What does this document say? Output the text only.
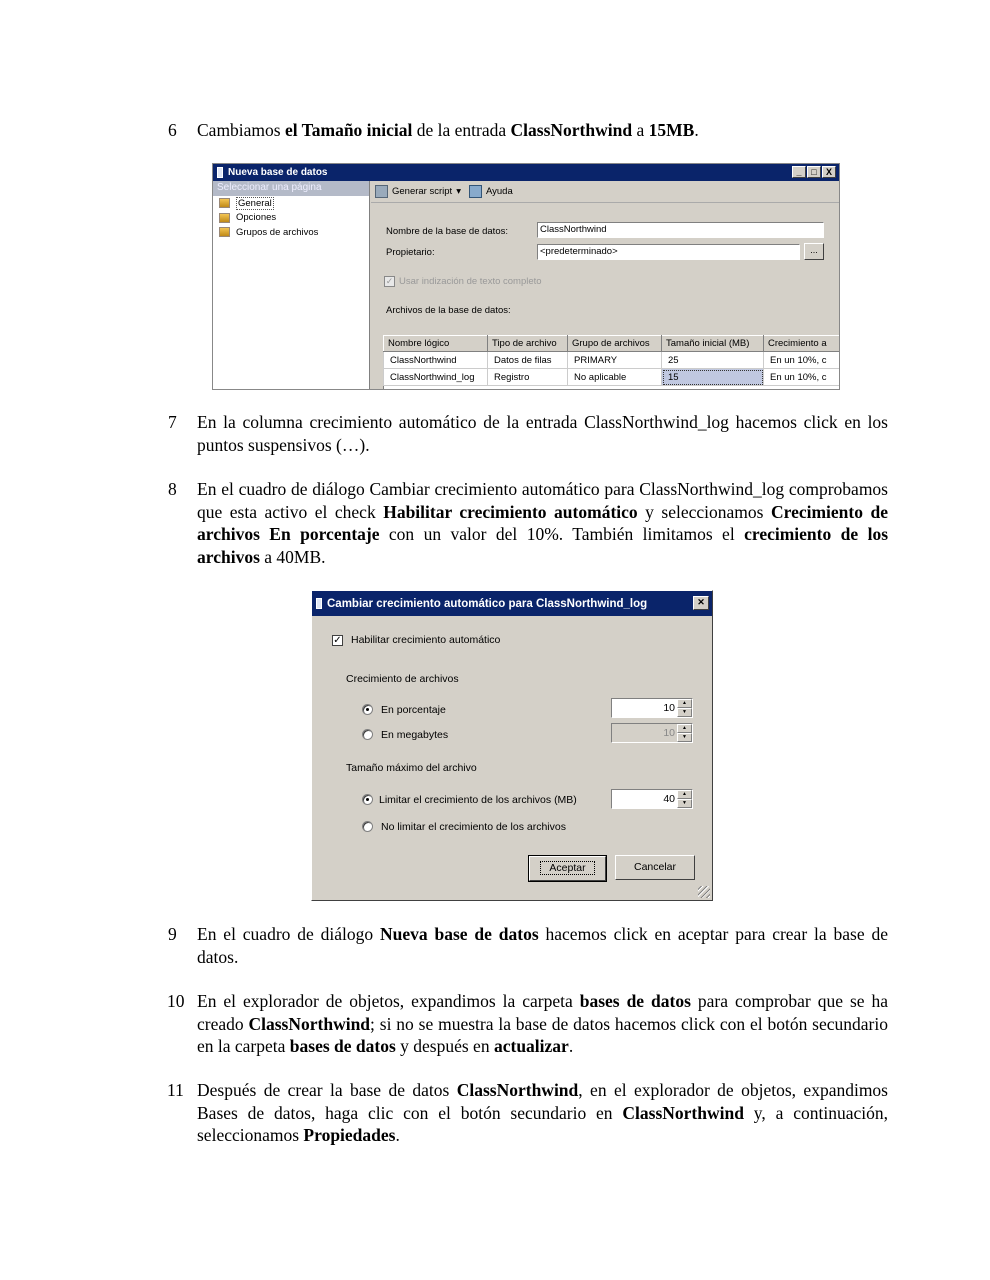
6 Cambiamos el Tamaño inicial de la entrada ClassNorthwind a 15MB.
Nueva base de datos	_	□	X
Seleccionar una página
General
Opciones
Grupos de archivos
Generar script ▾	Ayuda
Nombre de la base de datos:	ClassNorthwind
Propietario:	<predeterminado>	...
✓ Usar indización de texto completo
Archivos de la base de datos:
Nombre lógico	Tipo de archivo	Grupo de archivos	Tamaño inicial (MB)	Crecimiento a
ClassNorthwind	Datos de filas	PRIMARY	25	En un 10%, c
ClassNorthwind_log	Registro	No aplicable	15	En un 10%, c
7 En la columna crecimiento automático de la entrada ClassNorthwind_log hacemos click en los puntos suspensivos (…).
8 En el cuadro de diálogo Cambiar crecimiento automático para ClassNorthwind_log comprobamos que esta activo el check Habilitar crecimiento automático y seleccionamos Crecimiento de archivos En porcentaje con un valor del 10%. También limitamos el crecimiento de los archivos a 40MB.
Cambiar crecimiento automático para ClassNorthwind_log	✕
✓ Habilitar crecimiento automático
Crecimiento de archivos
En porcentaje	10	▲
▼
En megabytes	10	▲
▼
Tamaño máximo del archivo
Limitar el crecimiento de los archivos (MB)	40	▲
▼
No limitar el crecimiento de los archivos
Aceptar	Cancelar
9 En el cuadro de diálogo Nueva base de datos hacemos click en aceptar para crear la base de datos.
10 En el explorador de objetos, expandimos la carpeta bases de datos para comprobar que se ha creado ClassNorthwind; si no se muestra la base de datos hacemos click con el botón secundario en la carpeta bases de datos y después en actualizar.
11 Después de crear la base de datos ClassNorthwind, en el explorador de objetos, expandimos Bases de datos, haga clic con el botón secundario en ClassNorthwind y, a continuación, seleccionamos Propiedades.
